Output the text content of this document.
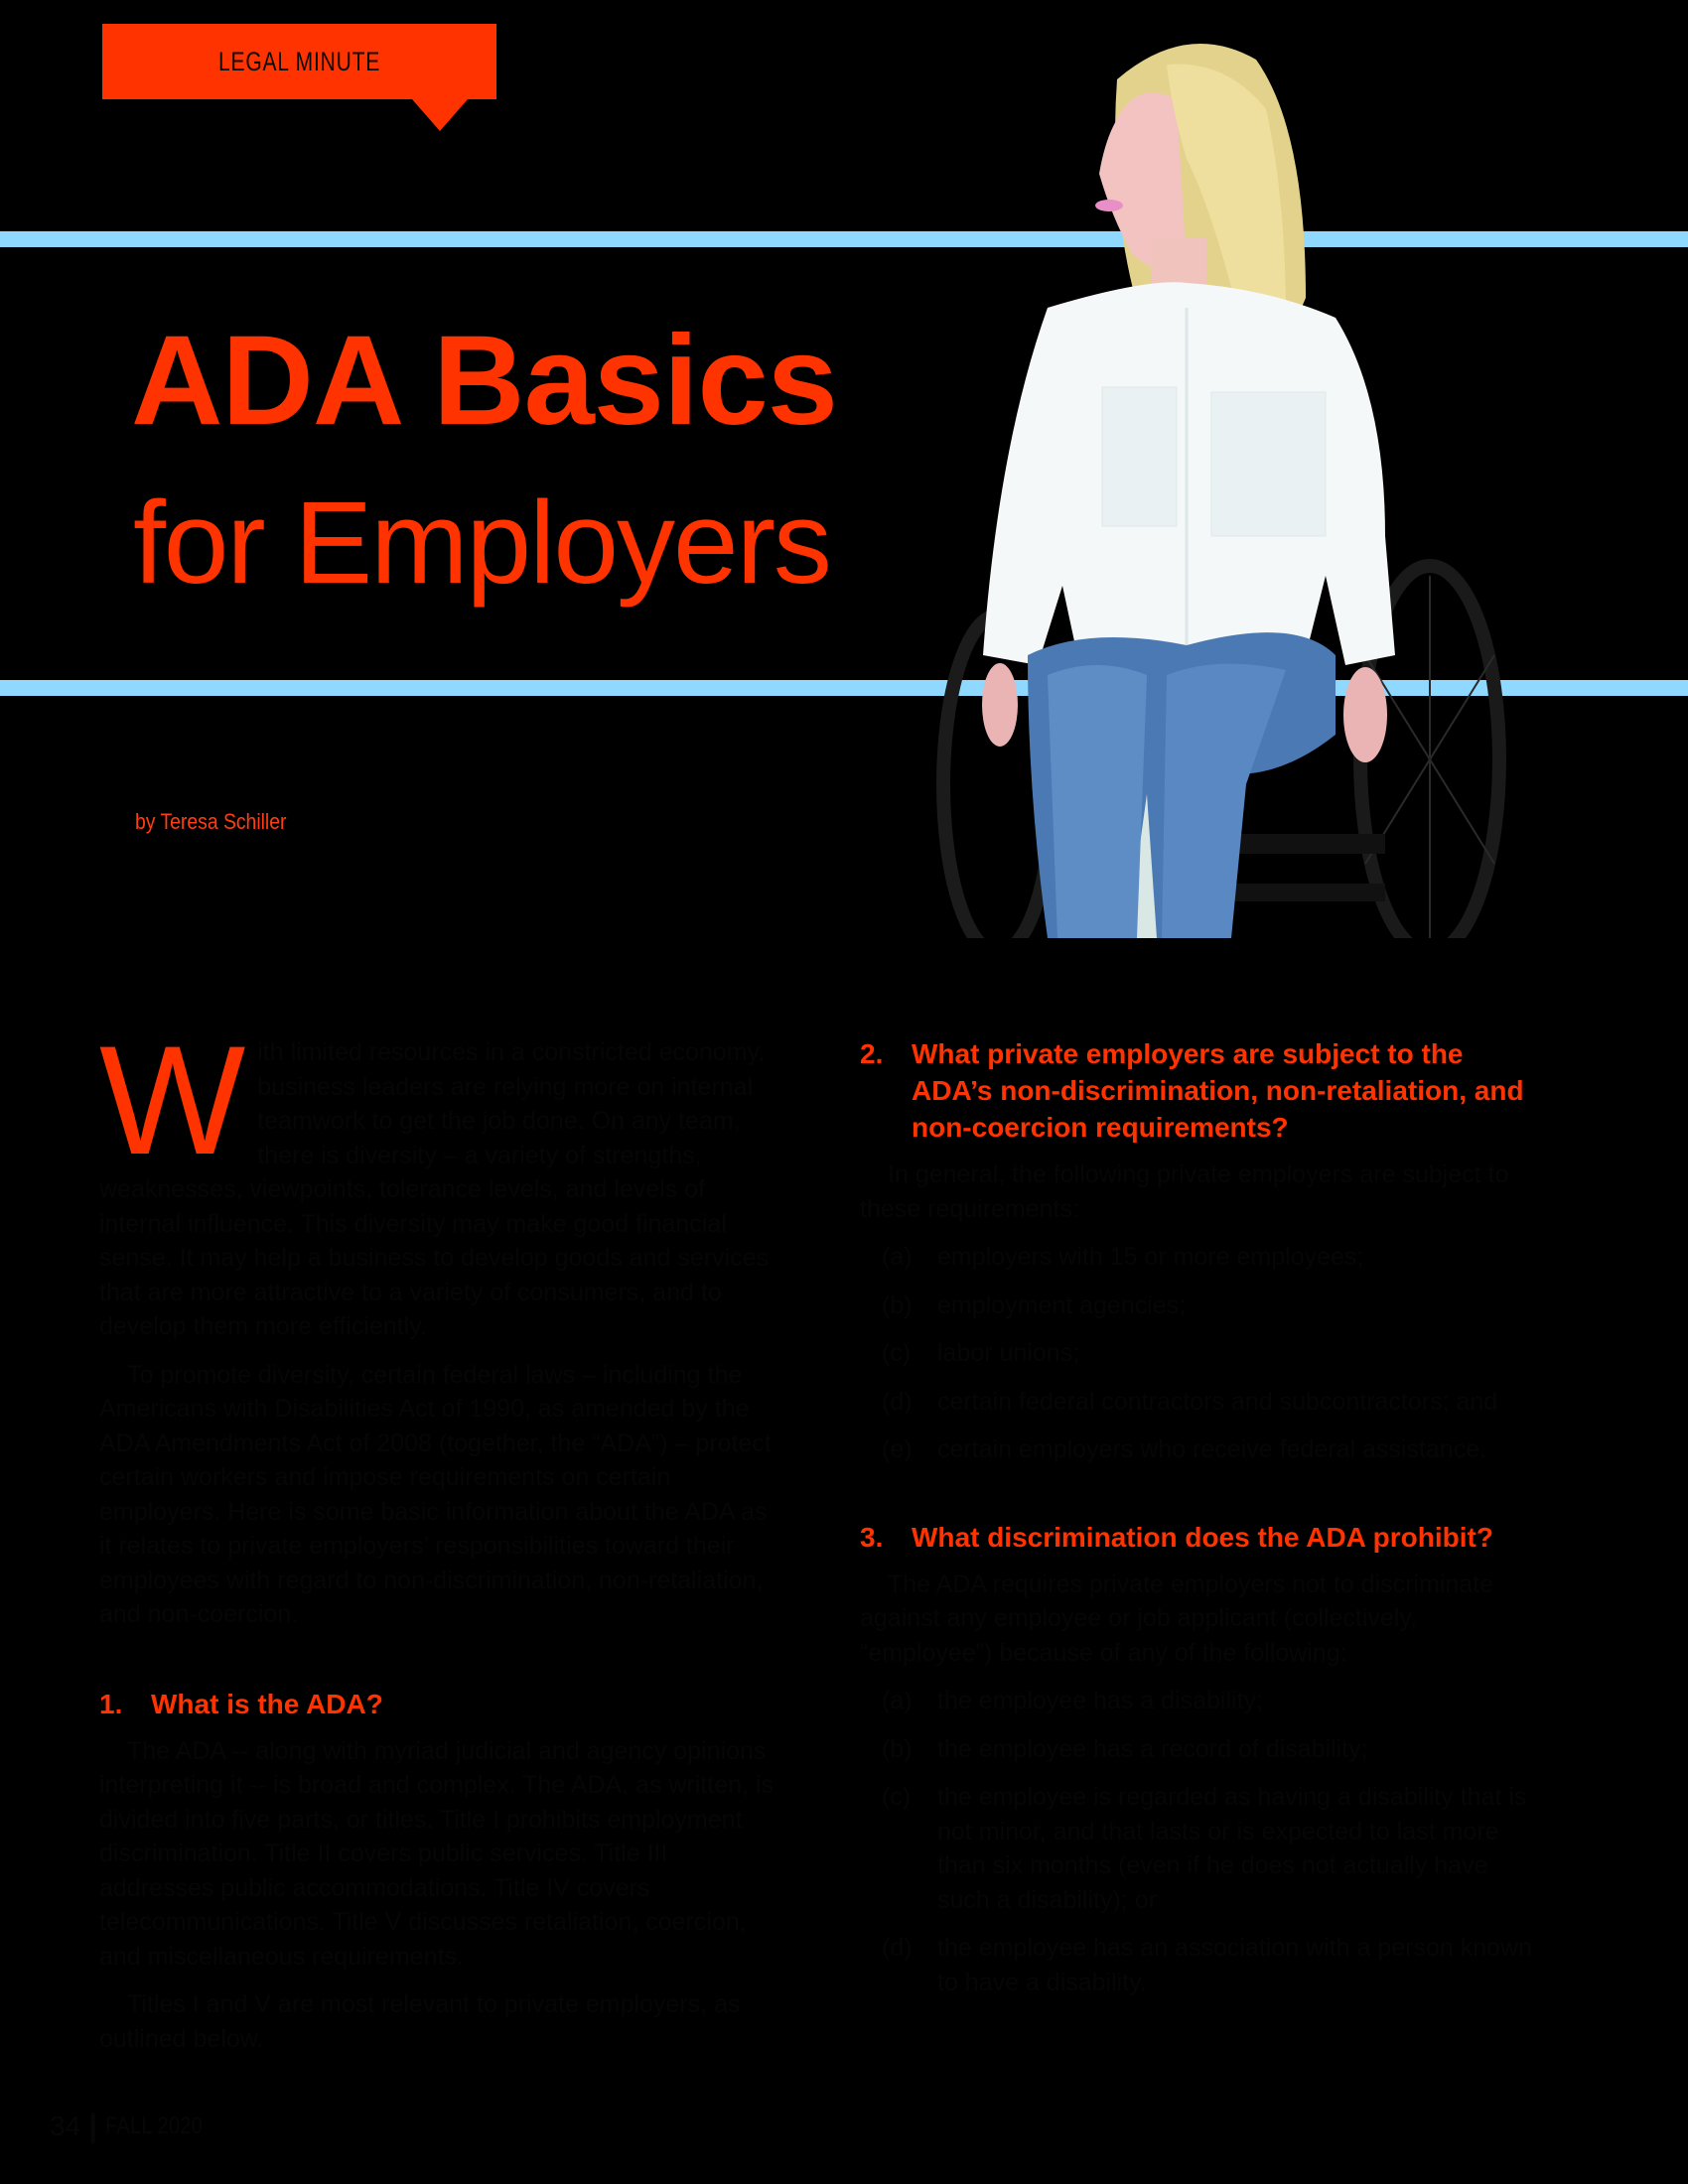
LEGAL MINUTE
ADA Basics
for Employers
by Teresa Schiller

With limited resources in a constricted economy, business leaders are relying more on internal teamwork to get the job done. On any team, there is diversity – a variety of strengths, weaknesses, viewpoints, tolerance levels, and levels of internal influence. This diversity may make good financial sense. It may help a business to develop goods and services that are more attractive to a variety of consumers, and to develop them more efficiently.

To promote diversity, certain federal laws – including the Americans with Disabilities Act of 1990, as amended by the ADA Amendments Act of 2008 (together, the “ADA”) – protect certain workers and impose requirements on certain employers. Here is some basic information about the ADA as it relates to private employers’ responsibilities toward their employees with regard to non-discrimination, non-retaliation, and non-coercion.

1.	What is the ADA?

The ADA -- along with myriad judicial and agency opinions interpreting it -- is broad and complex. The ADA, as written, is divided into five parts, or titles. Title I prohibits employment discrimination. Title II covers public services. Title III addresses public accommodations. Title IV covers telecommunications. Title V discusses retaliation, coercion, and miscellaneous requirements.

Titles I and V are most relevant to private employers, as outlined below.

2.	What private employers are subject to the ADA’s non-discrimination, non-retaliation, and non-coercion requirements?

In general, the following private employers are subject to these requirements:

(a)	employers with 15 or more employees;
(b)	employment agencies;
(c)	labor unions;
(d)	certain federal contractors and subcontractors; and
(e)	certain employers who receive federal assistance.
3.	What discrimination does the ADA prohibit?

The ADA requires private employers not to discriminate against any employee or job applicant (collectively, “employee”) because of any of the following:

(a)	the employee has a disability;
(b)	the employee has a record of disability;
(c)	the employee is regarded as having a disability that is not minor, and that lasts or is expected to last more than six months (even if he does not actually have such a disability); or
(d)	the employee has an association with a person known to have a disability.
34 | FALL 2020
